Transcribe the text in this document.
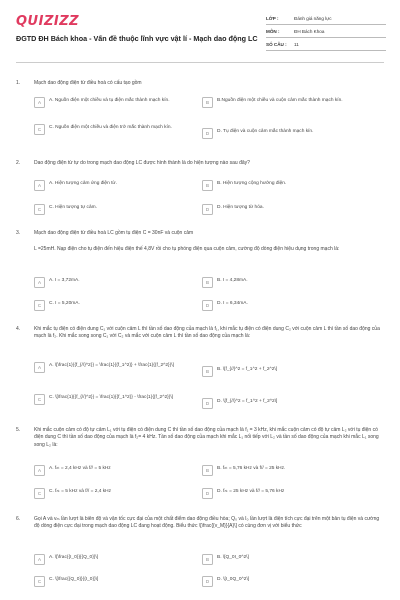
QUIZIZZ
ĐGTD ĐH Bách khoa - Vấn đề thuộc lĩnh vực vật lí - Mạch dao động LC
LỚP :	Đánh giá năng lực
MÔN :	ĐH Bách Khoa
SỐ CÂU :	11
1.	Mạch dao động điện từ điều hoà có cấu tạo gồm
A	A. Nguồn điện một chiều và tụ điện mắc thành mạch kín.	B	B.Nguồn điện một chiều và cuộn cảm mắc thành mạch kín.
C	C. Nguồn điện một chiều và điện trở mắc thành mạch kín.
D	D. Tụ điện và cuộn cảm mắc thành mạch kín.
2.	Dao động điện từ tự do trong mạch dao động LC được hình thành là do hiện tượng nào sau đây?
A	A. Hiện tượng cảm ứng điện từ.	B	B. Hiện tượng cộng hưởng điện.
C	C. Hiện tượng tự cảm.	D	D. Hiện tượng từ hóa.
3.	Mạch dao động điện từ điều hoà LC gồm tụ điện C = 30nF và cuộn cảm
L =25mH. Nạp điện cho tụ điện đến hiệu điện thế 4,8V rồi cho tụ phóng điện qua cuộn cảm, cường độ dòng điện hiệu dụng trong mạch là:
A	A. I = 3,72mA.	B	B. I = 4,28mA.
C	C. I = 5,20mA.	D	D. I = 6,34mA.
4.	Khi mắc tụ điện có điện dung C₁ với cuộn cảm L thì tần số dao động của mạch là f₁, khi mắc tụ điện có điện dung C₂ với cuộn cảm L thì tần số dao động của mạch là f₂. Khi mắc song song C₁ với C₂ và mắc với cuộn cảm L thì tần số dao động của mạch là:
A	A. \[\frac{1}{{f_{//}^2}} = \frac{1}{{f_1^2}} + \frac{1}{{f_2^2}}\]
B	B. \[f_{//}^2 = f_1^2 + f_2^2\]
C	C. \[\frac{1}{{f_{//}^2}} = \frac{1}{{f_1^2}} - \frac{1}{{f_2^2}}\]
D	D. \[f_{//}^2 = f_1^2 + f_2^2\]
5.	Khi mắc cuộn cảm có độ tự cảm L₁ với tụ điện có điện dung C thì tần số dao động của mạch là f₁ = 3 kHz, khi mắc cuộn cảm có độ tự cảm L₂ với tụ điện có điện dung C thì tần số dao động của mạch là f₂= 4 kHz. Tần số dao động của mạch khi mắc L₁ nối tiếp với L₂ và tần số dao động của mạch khi mắc L₁ song song L₂ là:
A	A. fₙₜ = 2,4 kHz và f// = 5 kHz	B	B. fₙₜ = 5,76 kHz và f// = 25 kHz.
C	C. fₙₜ = 5 kHz và f// = 2,4 kHz	D	D. fₙₜ = 25 kHz và f// = 5,76 kHz
6.	Gọi A và vₘ lần lượt là biên độ và vận tốc cực đại của một chất điểm dao động điều hòa; Q₀ và I₀ lần lượt là điện tích cực đại trên một bản tụ điện và cường độ dòng điện cực đại trong mạch dao động LC đang hoạt động. Biểu thức \[\frac{{v_M}}{A}\] có cùng đơn vị với biểu thức
A	A. \[\frac{{I_0}}{{Q_0}}\]	B	B. \[Q_0I_0^2\]
C	C. \[\frac{{Q_0}}{{I_0}}\]	D	D. \[I_0Q_0^2\]
